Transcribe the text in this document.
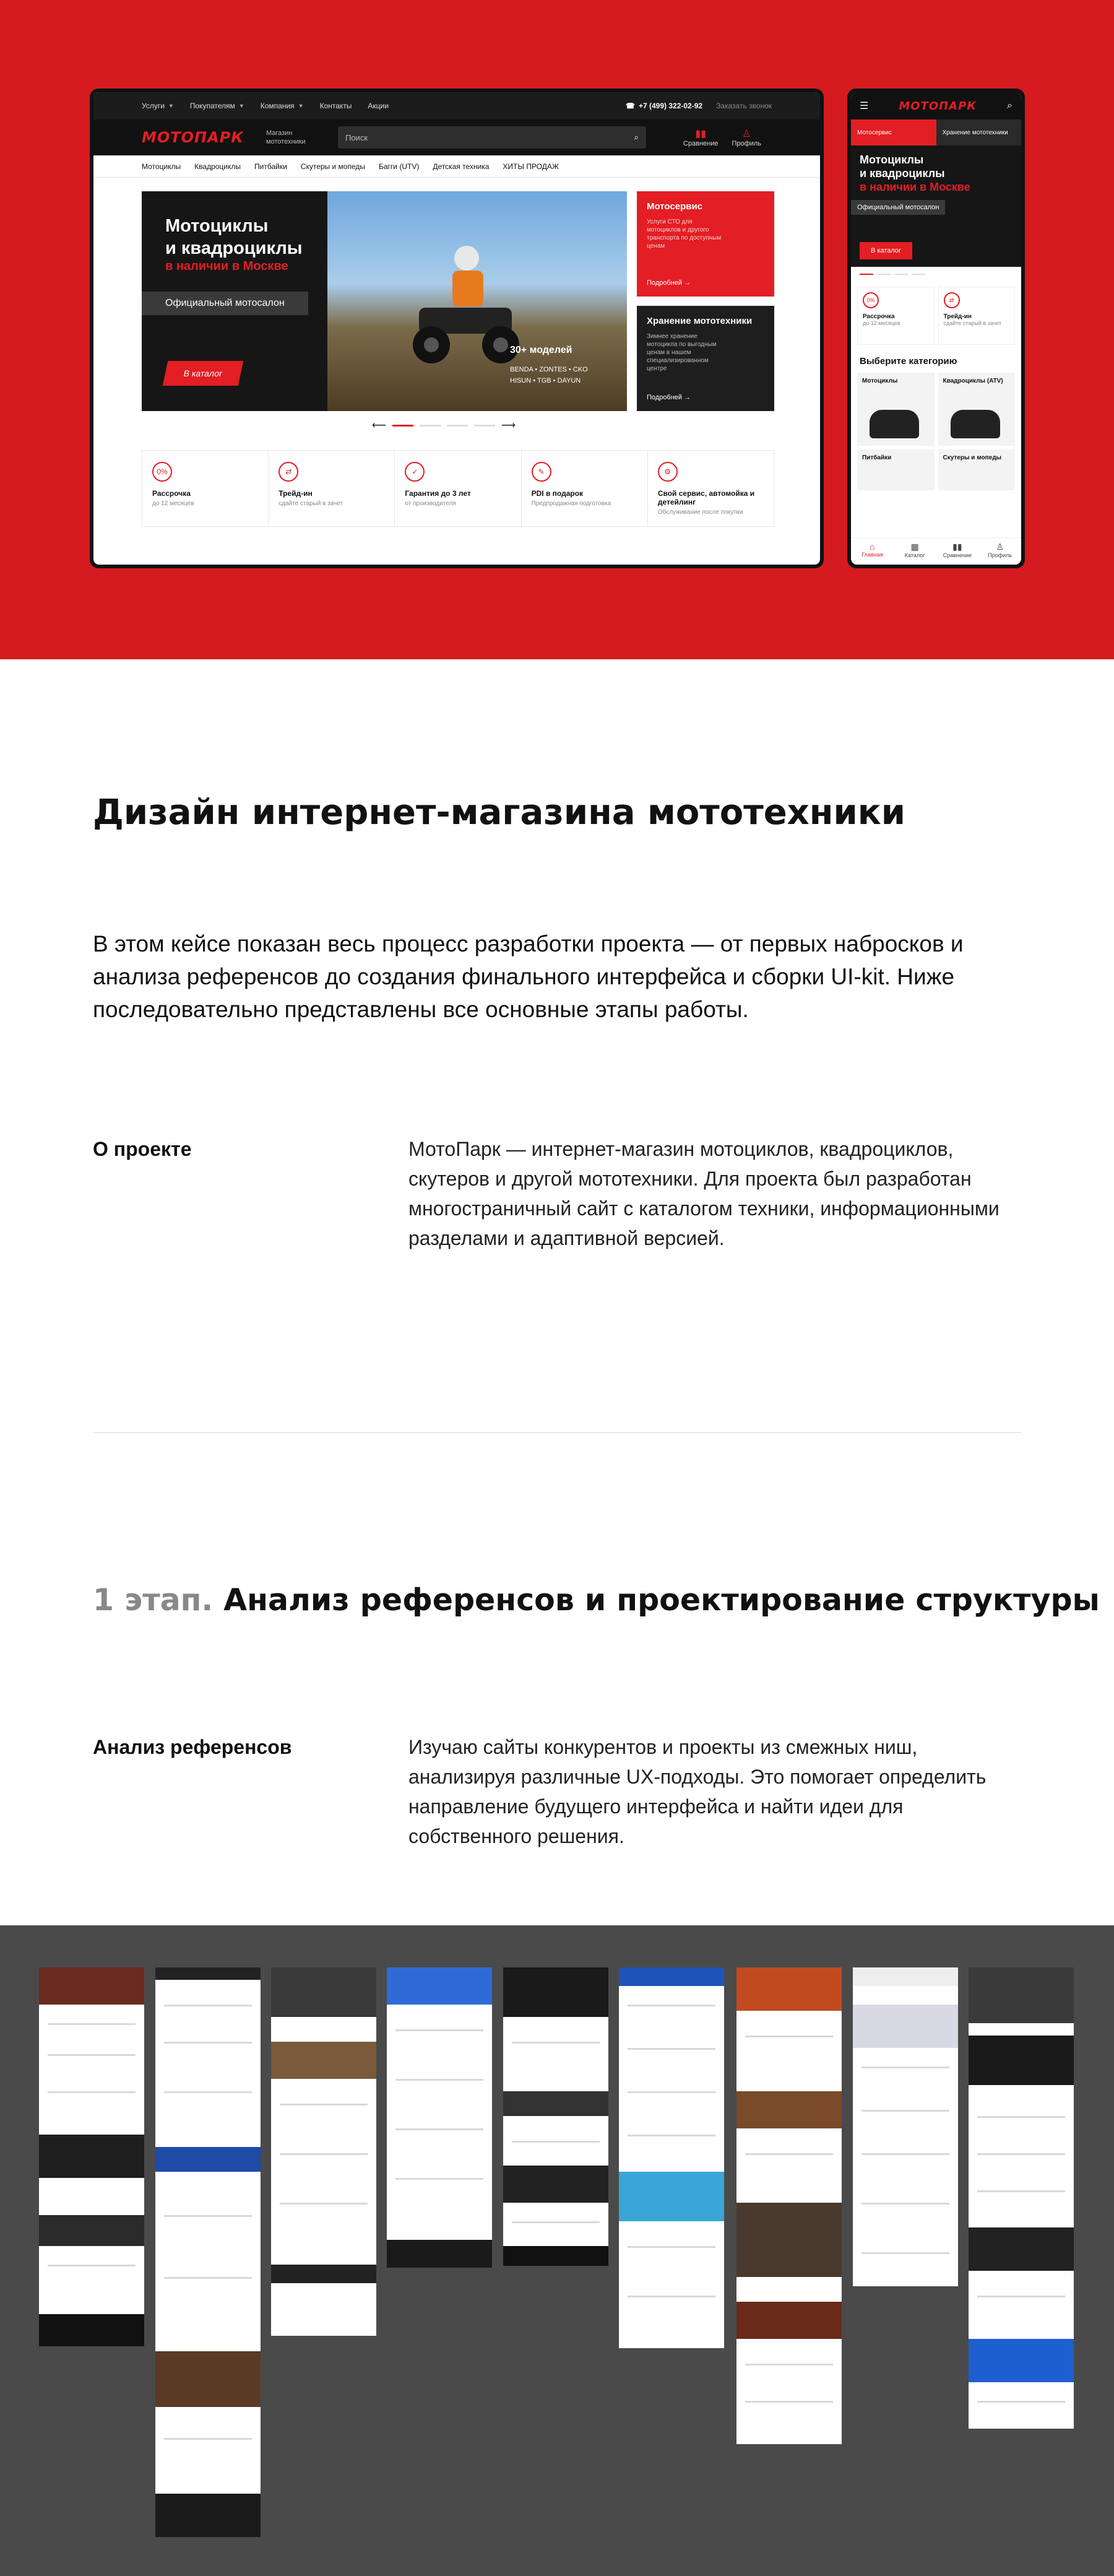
Услуги ▼ Покупателям ▼ Компания ▼ Контакты Акции	☎ +7 (499) 322-02-92 Заказать звонок
МОТОПАРК	Магазин мототехники	Поиск	⌕	▮▮
Сравнение
♙
Профиль
Мотоциклы Квадроциклы Питбайки Скутеры и мопеды Багги (UTV) Детская техника ХИТЫ ПРОДАЖ
Мотоциклы
и квадроциклы
в наличии в Москве
Официальный мотосалон
В каталог
30+ моделей
BENDA • ZONTES • CKO
HISUN • TGB • DAYUN
Мотосервис
Услуги СТО для мотоциклов и другого транспорта по доступным ценам
Подробней →
Хранение мототехники
Зимнее хранение мотоцикла по выгодным ценам в нашем специализированном центре
Подробней →
⟵	⟶
0%
Рассрочка
до 12 месяцев
⇄
Трейд-ин
сдайте старый в зачет
✓
Гарантия до 3 лет
от производителя
✎
PDI в подарок
Предпродажная подготовка
⚙
Свой сервис, автомойка и детейлинг
Обслуживание после покупки
☰	МОТОПАРК	⌕
Мотосервис	Хранение мототехники
Мотоциклы
и квадроциклы
в наличии в Москве
Официальный мотосалон
В каталог
0%
Рассрочка
до 12 месяцев
⇄
Трейд-ин
сдайте старый в зачет
Выберите категорию
Мотоциклы	Квадроциклы (ATV)
Питбайки	Скутеры и мопеды
⌂
Главная
▦
Каталог
▮▮
Сравнение
♙
Профиль
Дизайн интернет-магазина мототехники

В этом кейсе показан весь процесс разработки проекта — от первых набросков и анализа референсов до создания финального интерфейса и сборки UI-kit. Ниже последовательно представлены все основные этапы работы.

О проекте	МотоПарк — интернет-магазин мотоциклов, квадроциклов, скутеров и другой мототехники. Для проекта был разработан многостраничный сайт с каталогом техники, информационными разделами и адаптивной версией.
1 этап. Анализ референсов и проектирование структуры
Анализ референсов	Изучаю сайты конкурентов и проекты из смежных ниш, анализируя различные UX-подходы. Это помогает определить направление будущего интерфейса и найти идеи для собственного решения.
